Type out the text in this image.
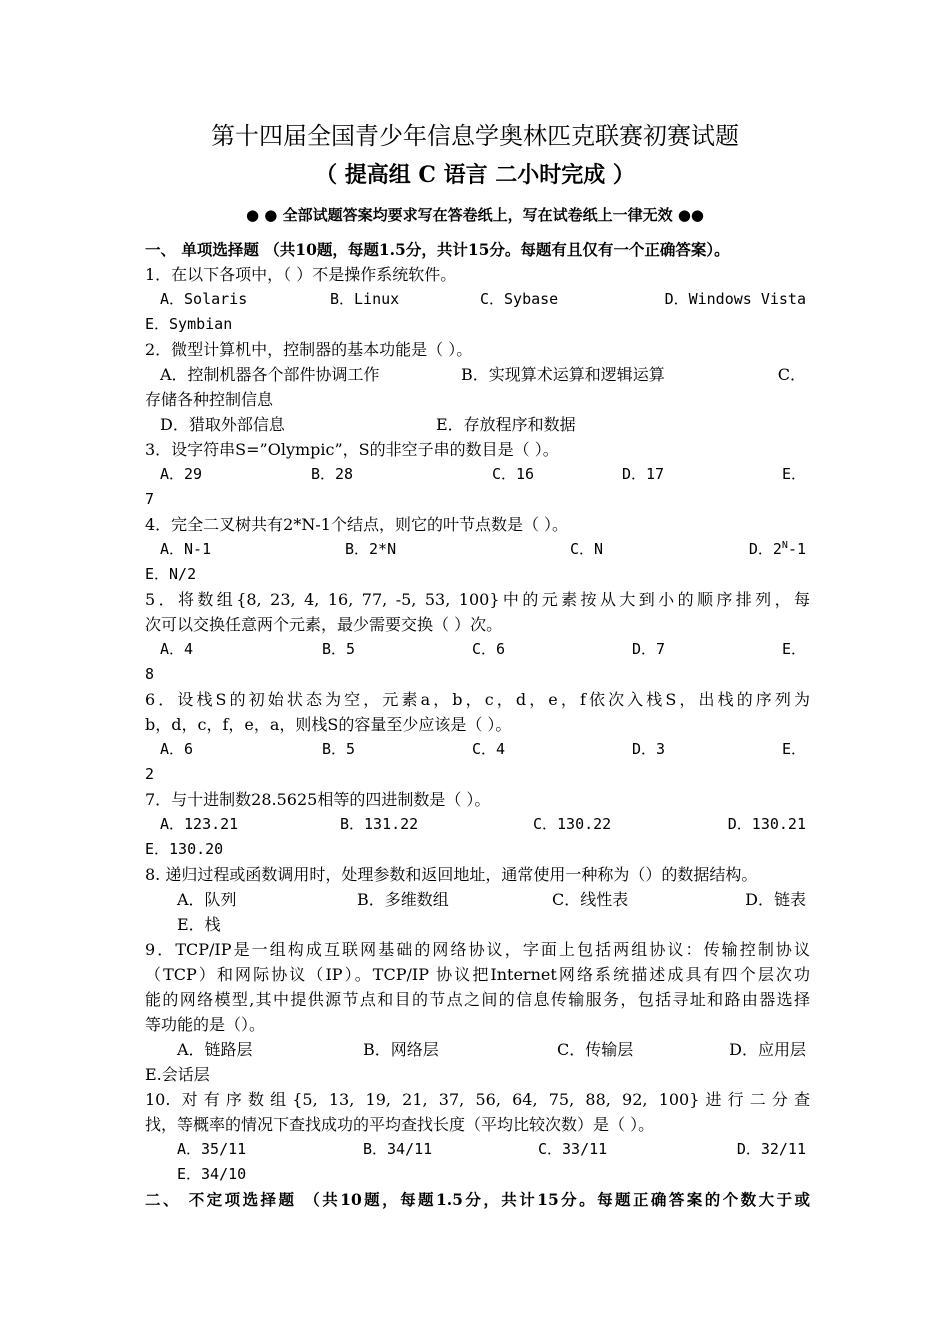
第十四届全国青少年信息学奥林匹克联赛初赛试题
（ 提高组 C 语言 二小时完成 ）
● ● 全部试题答案均要求写在答卷纸上，写在试卷纸上一律无效 ●●
一、 单项选择题 （共10题，每题1.5分，共计15分。每题有且仅有一个正确答案）。
1．在以下各项中，（ ）不是操作系统软件。
A．Solaris	B．Linux	C．Sybase	D．Windows Vista
E．Symbian
2．微型计算机中，控制器的基本功能是（ ）。
A．控制机器各个部件协调工作	B．实现算术运算和逻辑运算	C．
存储各种控制信息
D．猎取外部信息	E．存放程序和数据
3．设字符串S=”Olympic”，S的非空子串的数目是（ ）。
A．29	B．28	C．16	D．17	E．
7
4．完全二叉树共有2*N-1个结点，则它的叶节点数是（ ）。
A．N-1	B．2*N	C．N	D．$2^N-1$
E．N/2
5．将数组{8, 23, 4, 16, 77, -5, 53, 100}中的元素按从大到小的顺序排列，每
次可以交换任意两个元素，最少需要交换（ ）次。
A．4	B．5	C．6	D．7	E．
8
6．设栈S的初始状态为空，元素a，b，c，d，e，f依次入栈S，出栈的序列为
b，d，c，f，e，a，则栈S的容量至少应该是（ ）。
A．6	B．5	C．4	D．3	E．
2
7．与十进制数28.5625相等的四进制数是（ ）。
A．123.21	B．131.22	C．130.22	D．130.21
E．130.20
8. 递归过程或函数调用时，处理参数和返回地址，通常使用一种称为（）的数据结构。
A．队列	B．多维数组	C．线性表	D．链表
E．栈
9．TCP/IP是一组构成互联网基础的网络协议，字面上包括两组协议：传输控制协议
（TCP）和网际协议（IP）。TCP/IP 协议把Internet网络系统描述成具有四个层次功
能的网络模型,其中提供源节点和目的节点之间的信息传输服务，包括寻址和路由器选择
等功能的是（）。
A．链路层	B．网络层	C．传输层	D．应用层
E.会话层
10. 对有序数组{5, 13, 19, 21, 37, 56, 64, 75, 88, 92, 100}进行二分查
找，等概率的情况下查找成功的平均查找长度（平均比较次数）是（ ）。
A．35/11	B．34/11	C．33/11	D．32/11
E．34/10
二、 不定项选择题 （共10题，每题1.5分，共计15分。每题正确答案的个数大于或
